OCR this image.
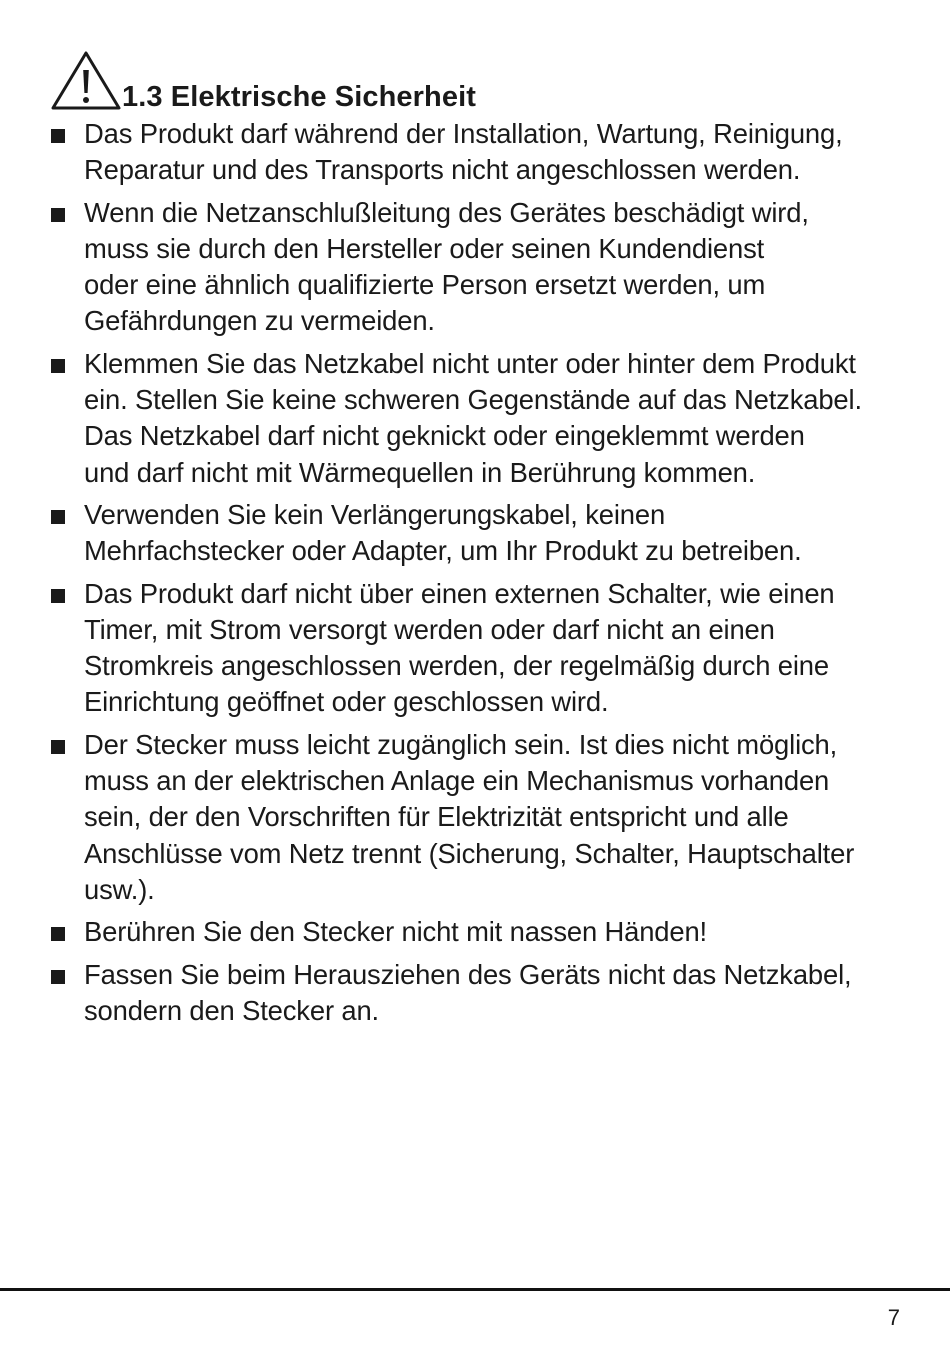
1.3 Elektrische Sicherheit
Das Produkt darf während der Installation, Wartung, Reinigung,
Reparatur und des Transports nicht angeschlossen werden.
Wenn die Netzanschlußleitung des Gerätes beschädigt wird,
muss sie durch den Hersteller oder seinen Kundendienst
oder eine ähnlich qualifizierte Person ersetzt werden, um
Gefährdungen zu vermeiden.
Klemmen Sie das Netzkabel nicht unter oder hinter dem Produkt
ein. Stellen Sie keine schweren Gegenstände auf das Netzkabel.
Das Netzkabel darf nicht geknickt oder eingeklemmt werden
und darf nicht mit Wärmequellen in Berührung kommen.
Verwenden Sie kein Verlängerungskabel, keinen
Mehrfachstecker oder Adapter, um Ihr Produkt zu betreiben.
Das Produkt darf nicht über einen externen Schalter, wie einen
Timer, mit Strom versorgt werden oder darf nicht an einen
Stromkreis angeschlossen werden, der regelmäßig durch eine
Einrichtung geöffnet oder geschlossen wird.
Der Stecker muss leicht zugänglich sein. Ist dies nicht möglich,
muss an der elektrischen Anlage ein Mechanismus vorhanden
sein, der den Vorschriften für Elektrizität entspricht und alle
Anschlüsse vom Netz trennt (Sicherung, Schalter, Hauptschalter
usw.).
Berühren Sie den Stecker nicht mit nassen Händen!
Fassen Sie beim Herausziehen des Geräts nicht das Netzkabel,
sondern den Stecker an.
7
